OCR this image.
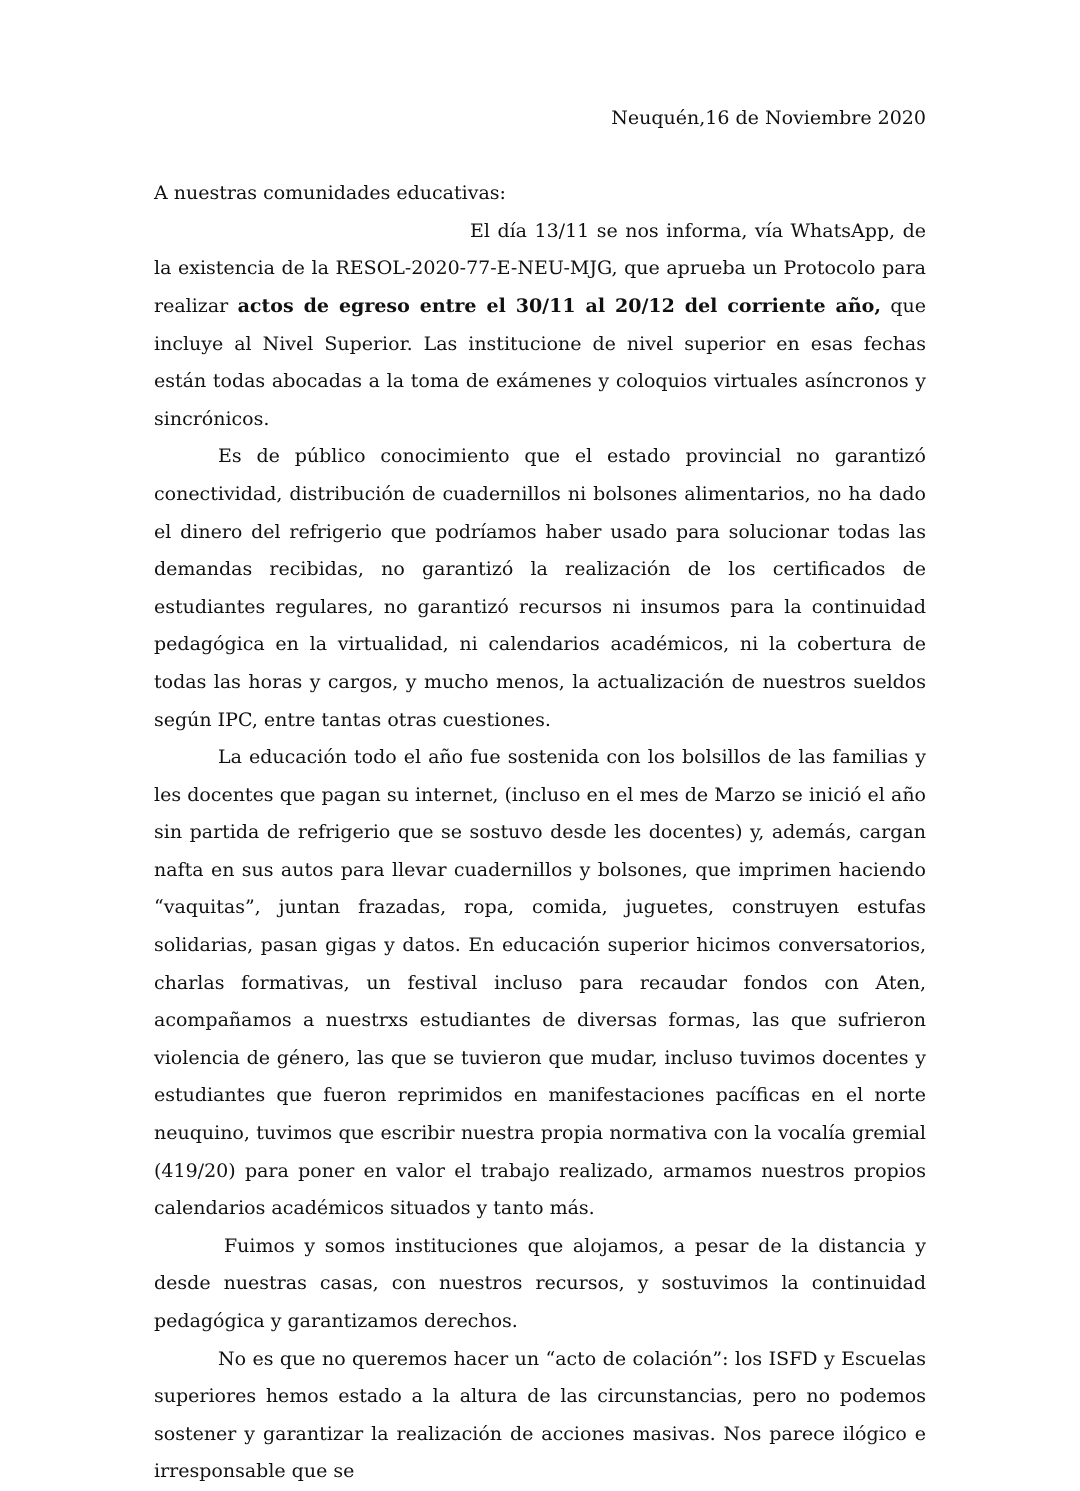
Neuquén,16 de Noviembre 2020
A nuestras comunidades educativas:

El día 13/11 se nos informa, vía WhatsApp, de la existencia de la RESOL-2020-77-E-NEU-MJG, que aprueba un Protocolo para realizar actos de egreso entre el 30/11 al 20/12 del corriente año, que incluye al Nivel Superior. Las institucione de nivel superior en esas fechas están todas abocadas a la toma de exámenes y coloquios virtuales asíncronos y sincrónicos.

Es de público conocimiento que el estado provincial no garantizó conectividad, distribución de cuadernillos ni bolsones alimentarios, no ha dado el dinero del refrigerio que podríamos haber usado para solucionar todas las demandas recibidas, no garantizó la realización de los certificados de estudiantes regulares, no garantizó recursos ni insumos para la continuidad pedagógica en la virtualidad, ni calendarios académicos, ni la cobertura de todas las horas y cargos, y mucho menos, la actualización de nuestros sueldos según IPC, entre tantas otras cuestiones.

La educación todo el año fue sostenida con los bolsillos de las familias y les docentes que pagan su internet, (incluso en el mes de Marzo se inició el año sin partida de refrigerio que se sostuvo desde les docentes) y, además, cargan nafta en sus autos para llevar cuadernillos y bolsones, que imprimen haciendo “vaquitas”, juntan frazadas, ropa, comida, juguetes, construyen estufas solidarias, pasan gigas y datos. En educación superior hicimos conversatorios, charlas formativas, un festival incluso para recaudar fondos con Aten, acompañamos a nuestrxs estudiantes de diversas formas, las que sufrieron violencia de género, las que se tuvieron que mudar, incluso tuvimos docentes y estudiantes que fueron reprimidos en manifestaciones pacíficas en el norte neuquino, tuvimos que escribir nuestra propia normativa con la vocalía gremial (419/20) para poner en valor el trabajo realizado, armamos nuestros propios calendarios académicos situados y tanto más.

Fuimos y somos instituciones que alojamos, a pesar de la distancia y desde nuestras casas, con nuestros recursos, y sostuvimos la continuidad pedagógica y garantizamos derechos.

No es que no queremos hacer un “acto de colación”: los ISFD y Escuelas superiores hemos estado a la altura de las circunstancias, pero no podemos sostener y garantizar la realización de acciones masivas. Nos parece ilógico e irresponsable que se
